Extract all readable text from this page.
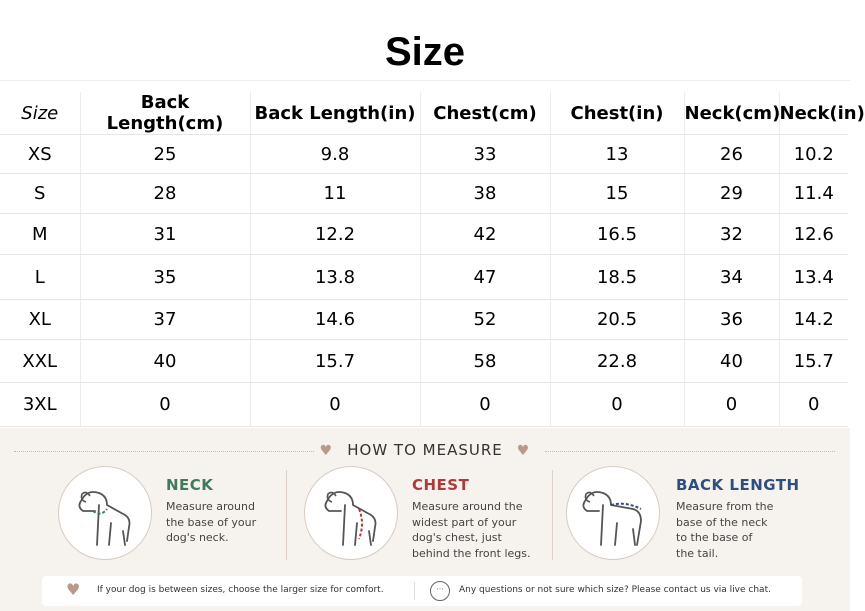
Size
Size	Back Length(cm)	Back Length(in)	Chest(cm)	Chest(in)	Neck(cm)	Neck(in)
XS	25	9.8	33	13	26	10.2
S	28	11	38	15	29	11.4
M	31	12.2	42	16.5	32	12.6
L	35	13.8	47	18.5	34	13.4
XL	37	14.6	52	20.5	36	14.2
XXL	40	15.7	58	22.8	40	15.7
3XL	0	0	0	0	0	0
♥ HOW TO MEASURE ♥
NECK
Measure around
the base of your
dog's neck.
CHEST
Measure around the
widest part of your
dog's chest, just
behind the front legs.
BACK LENGTH
Measure from the
base of the neck
to the base of
the tail.
♥ If your dog is between sizes, choose the larger size for comfort.	···	Any questions or not sure which size? Please contact us via live chat.
